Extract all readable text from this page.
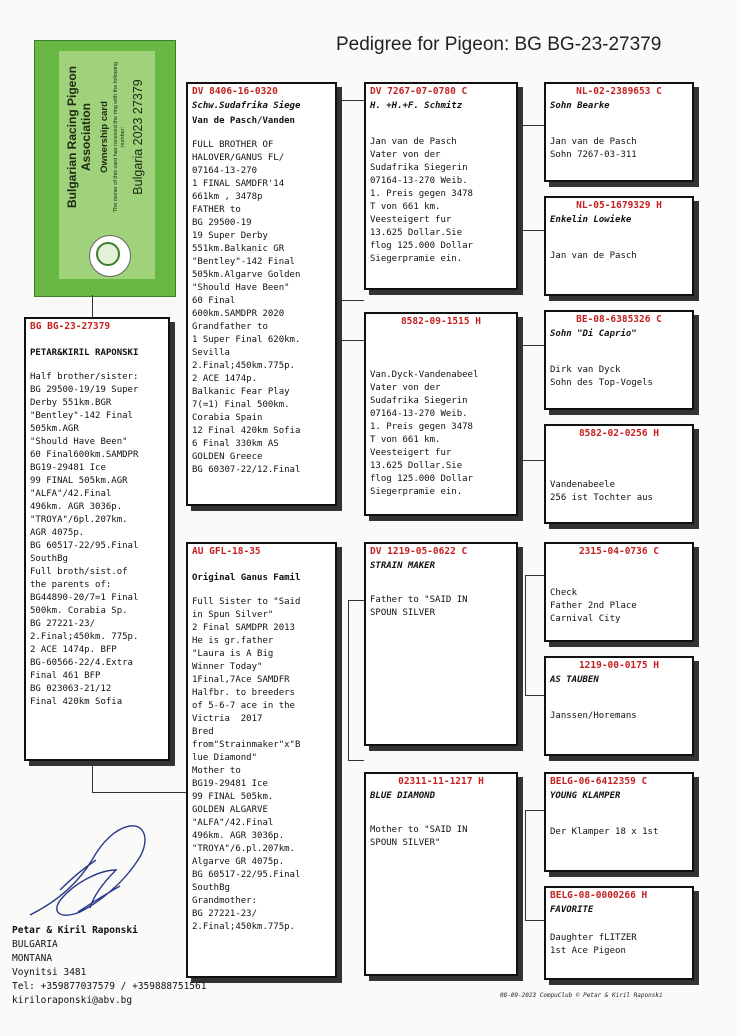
Pedigree for Pigeon: BG BG-23-27379
Bulgarian Racing Pigeon Association Ownership card The owner of this card has received the ring with the following number: Bulgaria 2023 27379
BG BG-23-27379
PETAR&KIRIL RAPONSKI
Half brother/sister:
BG 29500-19/19 Super
Derby 551km.BGR
"Bentley"-142 Final
505km.AGR
"Should Have Been"
60 Final600km.SAMDPR
BG19-29481 Ice
99 FINAL 505km.AGR
"ALFA"/42.Final
496km. AGR 3036p.
"TROYA"/6pl.207km.
AGR 4075p.
BG 60517-22/95.Final
SouthBg
Full broth/sist.of
the parents of:
BG44890-20/7=1 Final
500km. Corabia Sp.
BG 27221-23/
2.Final;450km. 775p.
2 ACE 1474p. BFP
BG-60566-22/4.Extra
Final 461 BFP
BG 023063-21/12
Final 420km Sofia
DV 8406-16-0320
Schw.Sudafrika Siege
Van de Pasch/Vanden
FULL BROTHER OF
HALOVER/GANUS FL/
07164-13-270
1 FINAL SAMDFR'14
661km , 3478p
FATHER to
BG 29500-19
19 Super Derby
551km.Balkanic GR
"Bentley"-142 Final
505km.Algarve Golden
"Should Have Been"
60 Final
600km.SAMDPR 2020
Grandfather to
1 Super Final 620km.
Sevilla
2.Final;450km.775p.
2 ACE 1474p.
Balkanic Fear Play
7(=1) Final 500km.
Corabia Spain
12 Final 420km Sofia
6 Final 330km AS
GOLDEN Greece
BG 60307-22/12.Final
AU GFL-18-35
Original Ganus Famil
Full Sister to "Said
in Spun Silver"
2 Final SAMDPR 2013
He is gr.father
"Laura is A Big
Winner Today"
1Final,7Ace SAMDFR
Halfbr. to breeders
of 5-6-7 ace in the
Victria  2017
Bred
from"Strainmaker"x"B
lue Diamond"
Mother to
BG19-29481 Ice
99 FINAL 505km.
GOLDEN ALGARVE
"ALFA"/42.Final
496km. AGR 3036p.
"TROYA"/6.pl.207km.
Algarve GR 4075p.
BG 60517-22/95.Final
SouthBg
Grandmother:
BG 27221-23/
2.Final;450km.775p.
DV 7267-07-0780 C
H. +H.+F. Schmitz
Jan van de Pasch
Vater von der
Sudafrika Siegerin
07164-13-270 Weib.
1. Preis gegen 3478
T von 661 km.
Veesteigert fur
13.625 Dollar.Sie
flog 125.000 Dollar
Siegerpramie ein.
8582-09-1515 H
Van.Dyck-Vandenabeel
Vater von der
Sudafrika Siegerin
07164-13-270 Weib.
1. Preis gegen 3478
T von 661 km.
Veesteigert fur
13.625 Dollar.Sie
flog 125.000 Dollar
Siegerpramie ein.
DV 1219-05-0622 C
STRAIN MAKER
Father to "SAID IN
SPOUN SILVER
02311-11-1217 H
BLUE DIAMOND
Mother to "SAID IN
SPOUN SILVER"
NL-02-2389653 C
Sohn Bearke
Jan van de Pasch
Sohn 7267-03-311
NL-05-1679329 H
Enkelin Lowieke
Jan van de Pasch
BE-08-6385326 C
Sohn "Di Caprio"
Dirk van Dyck
Sohn des Top-Vogels
8582-02-0256 H
Vandenabeele
256 ist Tochter aus
2315-04-0736 C
Check
Father 2nd Place
Carnival City
1219-00-0175 H
AS TAUBEN
Janssen/Horemans
BELG-06-6412359 C
YOUNG KLAMPER
Der Klamper 18 x 1st
BELG-08-0000266 H
FAVORITE
Daughter fLITZER
1st Ace Pigeon
Petar & Kiril Raponski
BULGARIA
MONTANA
Voynitsi 3481
Tel: +359877037579 / +359888751561
kiriloraponski@abv.bg	08-09-2023 CompuClub © Petar & Kiril Raponski
